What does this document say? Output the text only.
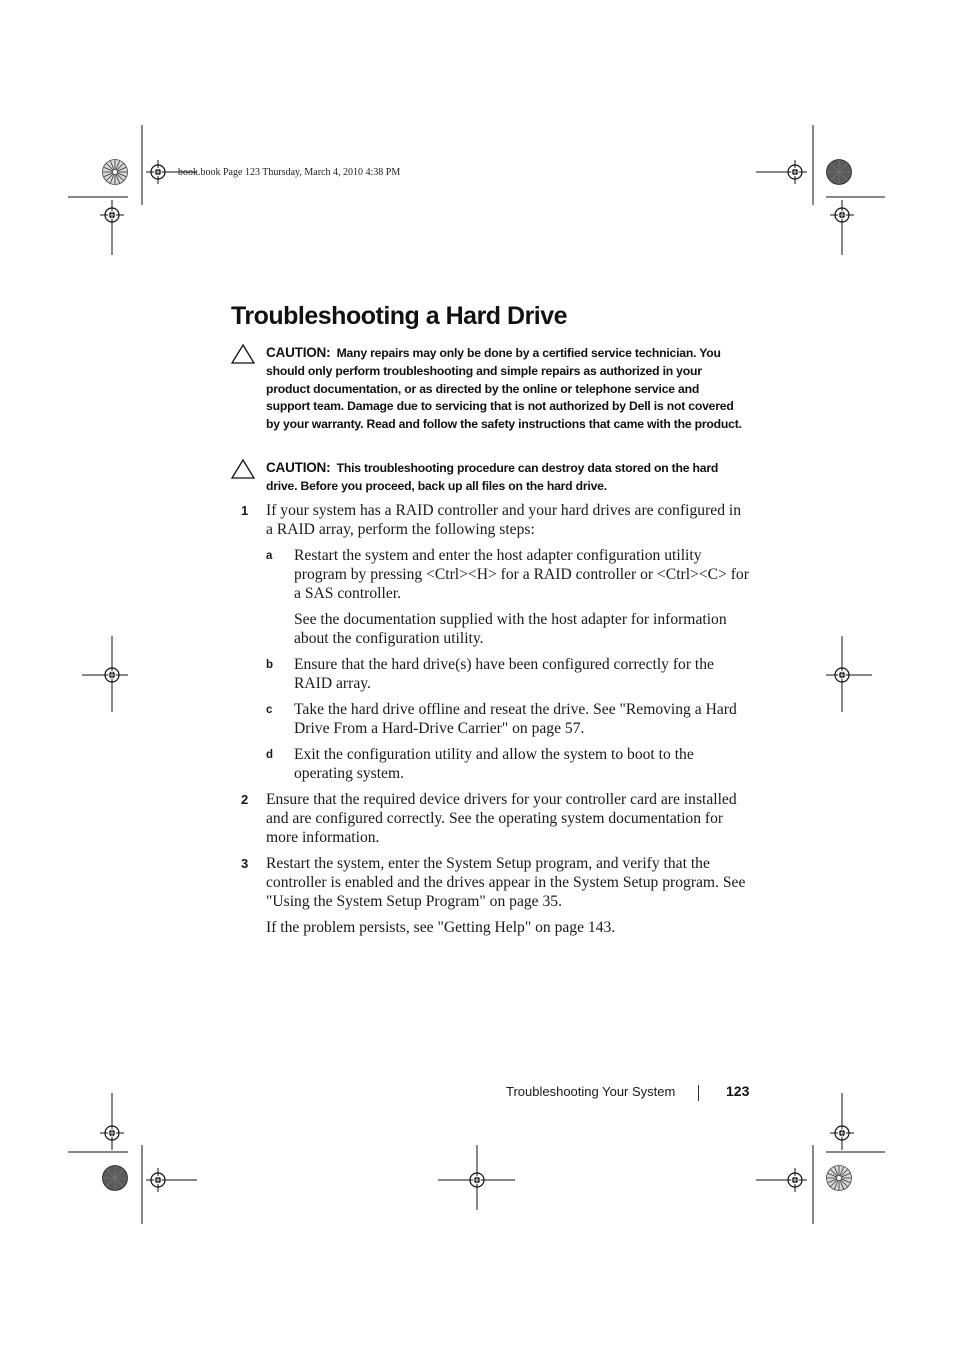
book.book Page 123 Thursday, March 4, 2010 4:38 PM
Troubleshooting a Hard Drive
CAUTION: Many repairs may only be done by a certified service technician. You should only perform troubleshooting and simple repairs as authorized in your product documentation, or as directed by the online or telephone service and support team. Damage due to servicing that is not authorized by Dell is not covered by your warranty. Read and follow the safety instructions that came with the product.
CAUTION: This troubleshooting procedure can destroy data stored on the hard drive. Before you proceed, back up all files on the hard drive.
1 If your system has a RAID controller and your hard drives are configured in a RAID array, perform the following steps:
a Restart the system and enter the host adapter configuration utility program by pressing <Ctrl><H> for a RAID controller or <Ctrl><C> for a SAS controller.
See the documentation supplied with the host adapter for information about the configuration utility.
b Ensure that the hard drive(s) have been configured correctly for the RAID array.
c Take the hard drive offline and reseat the drive. See "Removing a Hard Drive From a Hard-Drive Carrier" on page 57.
d Exit the configuration utility and allow the system to boot to the operating system.
2 Ensure that the required device drivers for your controller card are installed and are configured correctly. See the operating system documentation for more information.
3 Restart the system, enter the System Setup program, and verify that the controller is enabled and the drives appear in the System Setup program. See "Using the System Setup Program" on page 35.
If the problem persists, see "Getting Help" on page 143.
Troubleshooting Your System	123
